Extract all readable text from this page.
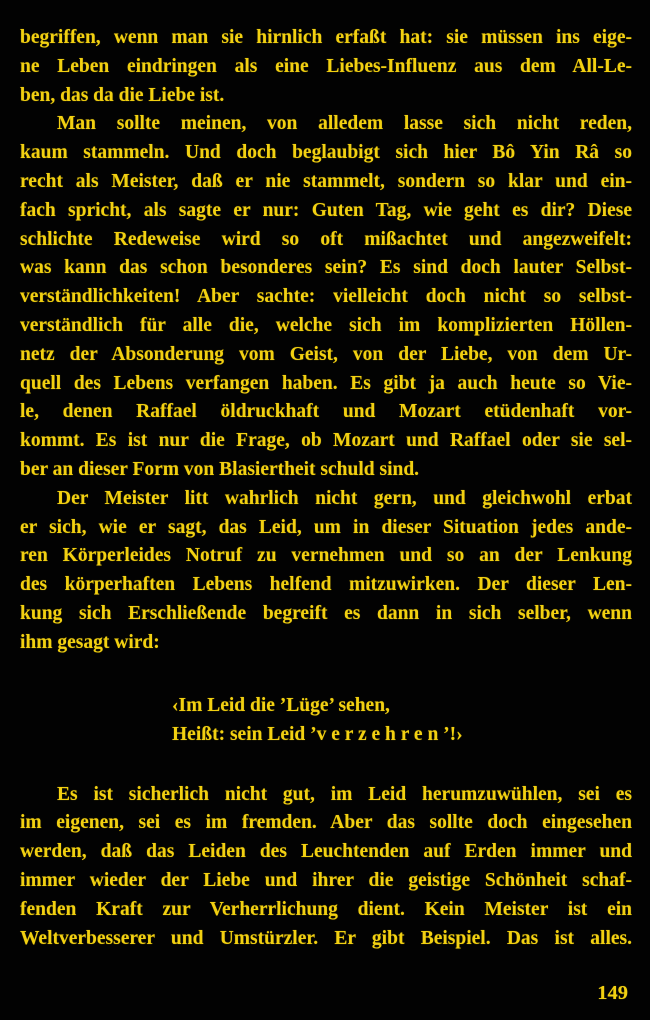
begriffen, wenn man sie hirnlich erfaßt hat: sie müssen ins eige-
ne Leben eindringen als eine Liebes-Influenz aus dem All-Le-
ben, das da die Liebe ist.
Man sollte meinen, von alledem lasse sich nicht reden,
kaum stammeln. Und doch beglaubigt sich hier Bô Yin Râ so
recht als Meister, daß er nie stammelt, sondern so klar und ein-
fach spricht, als sagte er nur: Guten Tag, wie geht es dir? Diese
schlichte Redeweise wird so oft mißachtet und angezweifelt:
was kann das schon besonderes sein? Es sind doch lauter Selbst-
verständlichkeiten! Aber sachte: vielleicht doch nicht so selbst-
verständlich für alle die, welche sich im komplizierten Höllen-
netz der Absonderung vom Geist, von der Liebe, von dem Ur-
quell des Lebens verfangen haben. Es gibt ja auch heute so Vie-
le, denen Raffael öldruckhaft und Mozart etüdenhaft vor-
kommt. Es ist nur die Frage, ob Mozart und Raffael oder sie sel-
ber an dieser Form von Blasiertheit schuld sind.
Der Meister litt wahrlich nicht gern, und gleichwohl erbat
er sich, wie er sagt, das Leid, um in dieser Situation jedes ande-
ren Körperleides Notruf zu vernehmen und so an der Lenkung
des körperhaften Lebens helfend mitzuwirken. Der dieser Len-
kung sich Erschließende begreift es dann in sich selber, wenn
ihm gesagt wird:
‹Im Leid die ’Lüge’ sehen,
Heißt: sein Leid ’v e r z e h r e n ’!›
Es ist sicherlich nicht gut, im Leid herumzuwühlen, sei es
im eigenen, sei es im fremden. Aber das sollte doch eingesehen
werden, daß das Leiden des Leuchtenden auf Erden immer und
immer wieder der Liebe und ihrer die geistige Schönheit schaf-
fenden Kraft zur Verherrlichung dient. Kein Meister ist ein
Weltverbesserer und Umstürzler. Er gibt Beispiel. Das ist alles.
149
